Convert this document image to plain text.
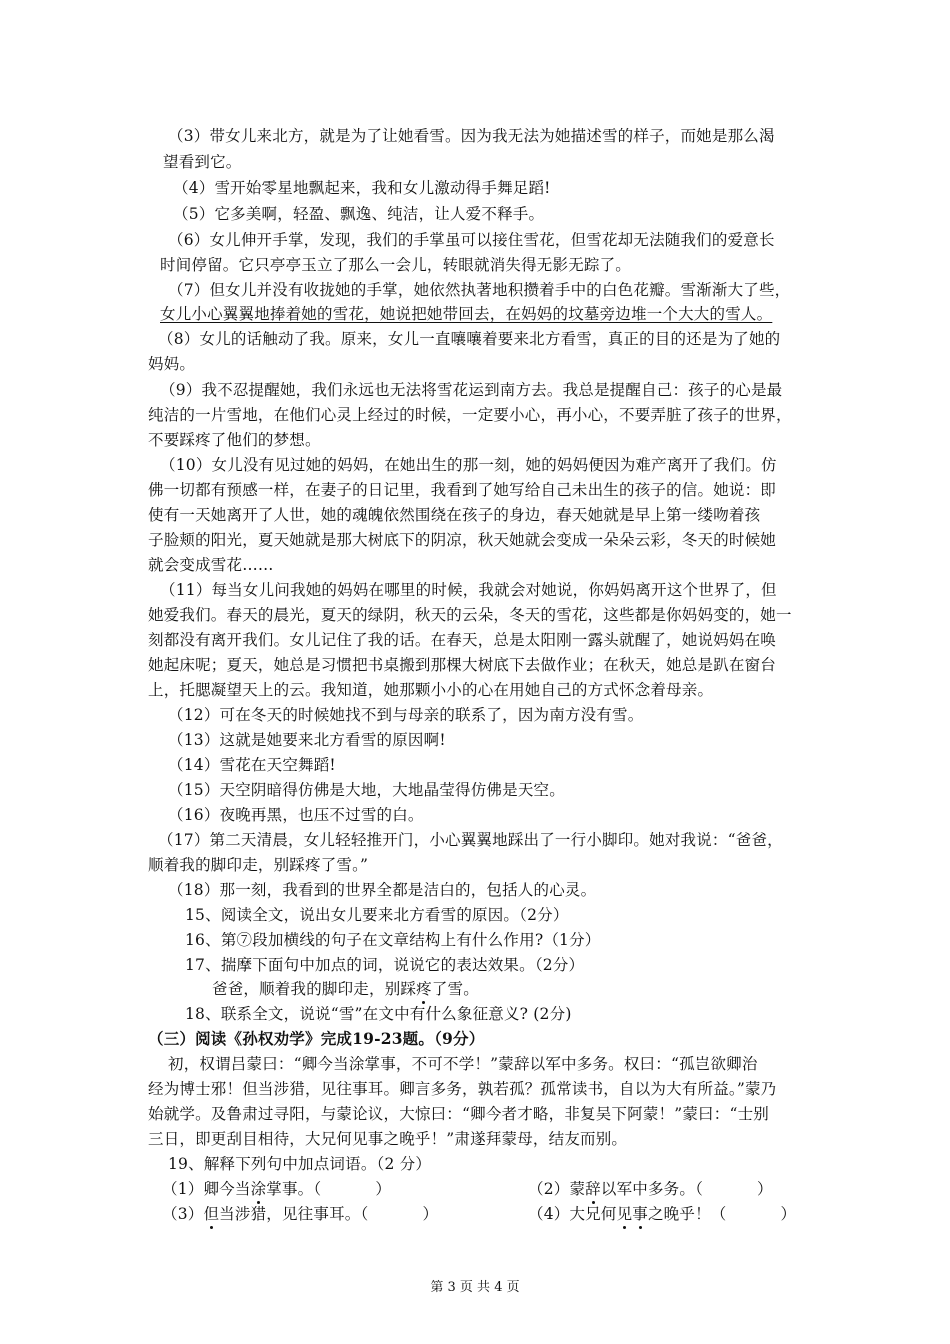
（3）带女儿来北方，就是为了让她看雪。因为我无法为她描述雪的样子，而她是那么渴
望看到它。
（4）雪开始零星地飘起来，我和女儿激动得手舞足蹈!
（5）它多美啊，轻盈、飘逸、纯洁，让人爱不释手。
（6）女儿伸开手掌，发现，我们的手掌虽可以接住雪花，但雪花却无法随我们的爱意长
时间停留。它只亭亭玉立了那么一会儿，转眼就消失得无影无踪了。
（7）但女儿并没有收拢她的手掌，她依然执著地积攒着手中的白色花瓣。雪渐渐大了些，
女儿小心翼翼地捧着她的雪花，她说把她带回去，在妈妈的坟墓旁边堆一个大大的雪人。
（8）女儿的话触动了我。原来，女儿一直嚷嚷着要来北方看雪，真正的目的还是为了她的
妈妈。
（9）我不忍提醒她，我们永远也无法将雪花运到南方去。我总是提醒自己：孩子的心是最
纯洁的一片雪地，在他们心灵上经过的时候，一定要小心，再小心，不要弄脏了孩子的世界，
不要踩疼了他们的梦想。
（10）女儿没有见过她的妈妈，在她出生的那一刻，她的妈妈便因为难产离开了我们。仿
佛一切都有预感一样，在妻子的日记里，我看到了她写给自己未出生的孩子的信。她说：即
使有一天她离开了人世，她的魂魄依然围绕在孩子的身边，春天她就是早上第一缕吻着孩
子脸颊的阳光，夏天她就是那大树底下的阴凉，秋天她就会变成一朵朵云彩，冬天的时候她
就会变成雪花……
（11）每当女儿问我她的妈妈在哪里的时候，我就会对她说，你妈妈离开这个世界了，但
她爱我们。春天的晨光，夏天的绿阴，秋天的云朵，冬天的雪花，这些都是你妈妈变的，她一
刻都没有离开我们。女儿记住了我的话。在春天，总是太阳刚一露头就醒了，她说妈妈在唤
她起床呢；夏天，她总是习惯把书桌搬到那棵大树底下去做作业；在秋天，她总是趴在窗台
上，托腮凝望天上的云。我知道，她那颗小小的心在用她自己的方式怀念着母亲。
（12）可在冬天的时候她找不到与母亲的联系了，因为南方没有雪。
（13）这就是她要来北方看雪的原因啊!
（14）雪花在天空舞蹈!
（15）天空阴暗得仿佛是大地，大地晶莹得仿佛是天空。
（16）夜晚再黑，也压不过雪的白。
（17）第二天清晨，女儿轻轻推开门，小心翼翼地踩出了一行小脚印。她对我说：“爸爸，
顺着我的脚印走，别踩疼了雪。”
（18）那一刻，我看到的世界全都是洁白的，包括人的心灵。
15、阅读全文，说出女儿要来北方看雪的原因。（2分）
16、第⑦段加横线的句子在文章结构上有什么作用?（1分）
17、揣摩下面句中加点的词，说说它的表达效果。（2分）
爸爸，顺着我的脚印走，别踩疼了雪。
18、联系全文，说说“雪”在文中有什么象征意义? (2分)
（三）阅读《孙权劝学》完成19-23题。（9分）
初，权谓吕蒙曰：“卿今当涂掌事，不可不学！”蒙辞以军中多务。权曰：“孤岂欲卿治
经为博士邪！但当涉猎，见往事耳。卿言多务，孰若孤？孤常读书，自以为大有所益。”蒙乃
始就学。及鲁肃过寻阳，与蒙论议，大惊曰：“卿今者才略，非复吴下阿蒙！”蒙曰：“士别
三日，即更刮目相待，大兄何见事之晚乎！”肃遂拜蒙母，结友而别。
19、解释下列句中加点词语。（2 分）
（1）卿今当涂掌事。（	）	（2）蒙辞以军中多务。（	）
（3）但当涉猎，见往事耳。（	）	（4）大兄何见事之晚乎！（	）
第 3 页 共 4 页
